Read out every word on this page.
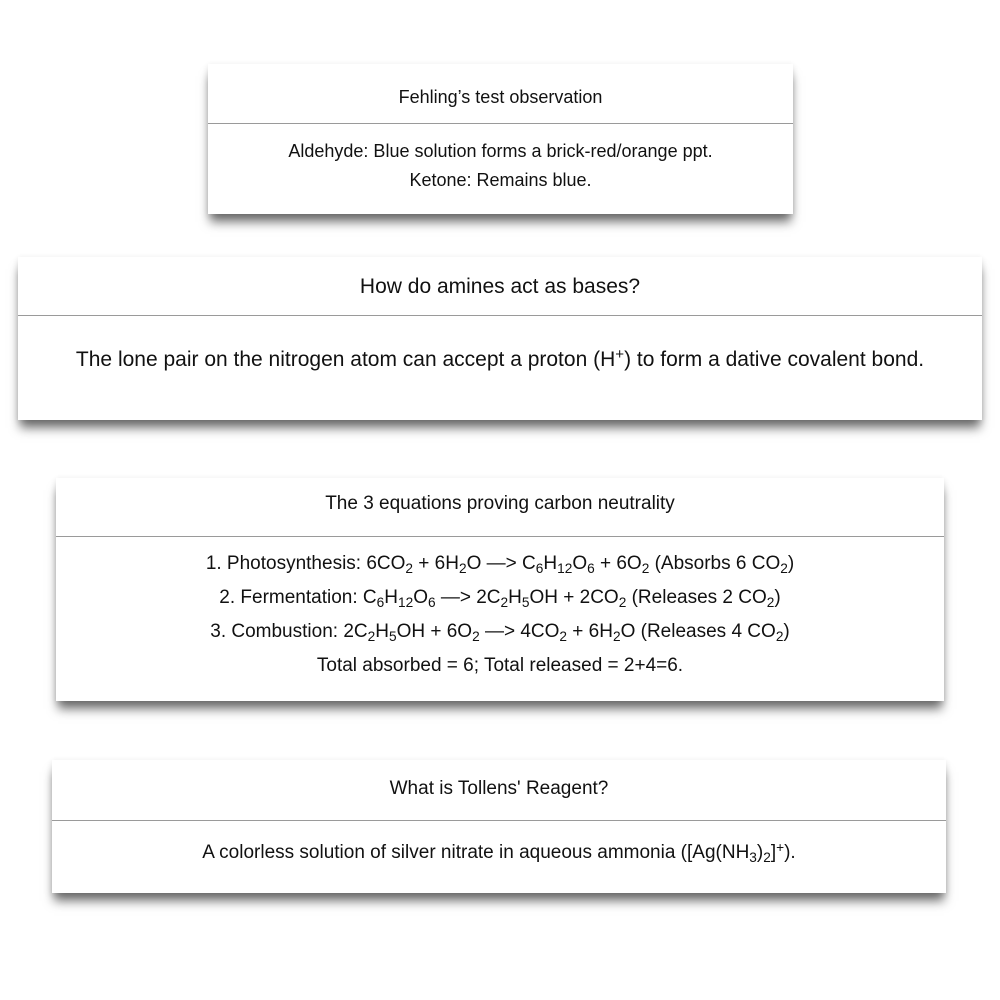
Fehling’s test observation
Aldehyde: Blue solution forms a brick-red/orange ppt.
Ketone: Remains blue.
How do amines act as bases?
The lone pair on the nitrogen atom can accept a proton (H+) to form a dative covalent bond.
The 3 equations proving carbon neutrality
1. Photosynthesis: $6CO_2 + 6H_2O$ —> $C_6H_{12}O_6 + 6O_2$ (Absorbs 6 $CO_2$)
2. Fermentation: $C_6H_{12}O_6$ —> $2C_2H_5OH + 2CO_2$ (Releases 2 $CO_2$)
3. Combustion: $2C_2H_5OH + 6O_2$ —> $4CO_2 + 6H_2O$ (Releases 4 $CO_2$)
Total absorbed = 6; Total released = 2+4=6.
What is Tollens' Reagent?
A colorless solution of silver nitrate in aqueous ammonia $([Ag(NH_3)_2]^+)$.
